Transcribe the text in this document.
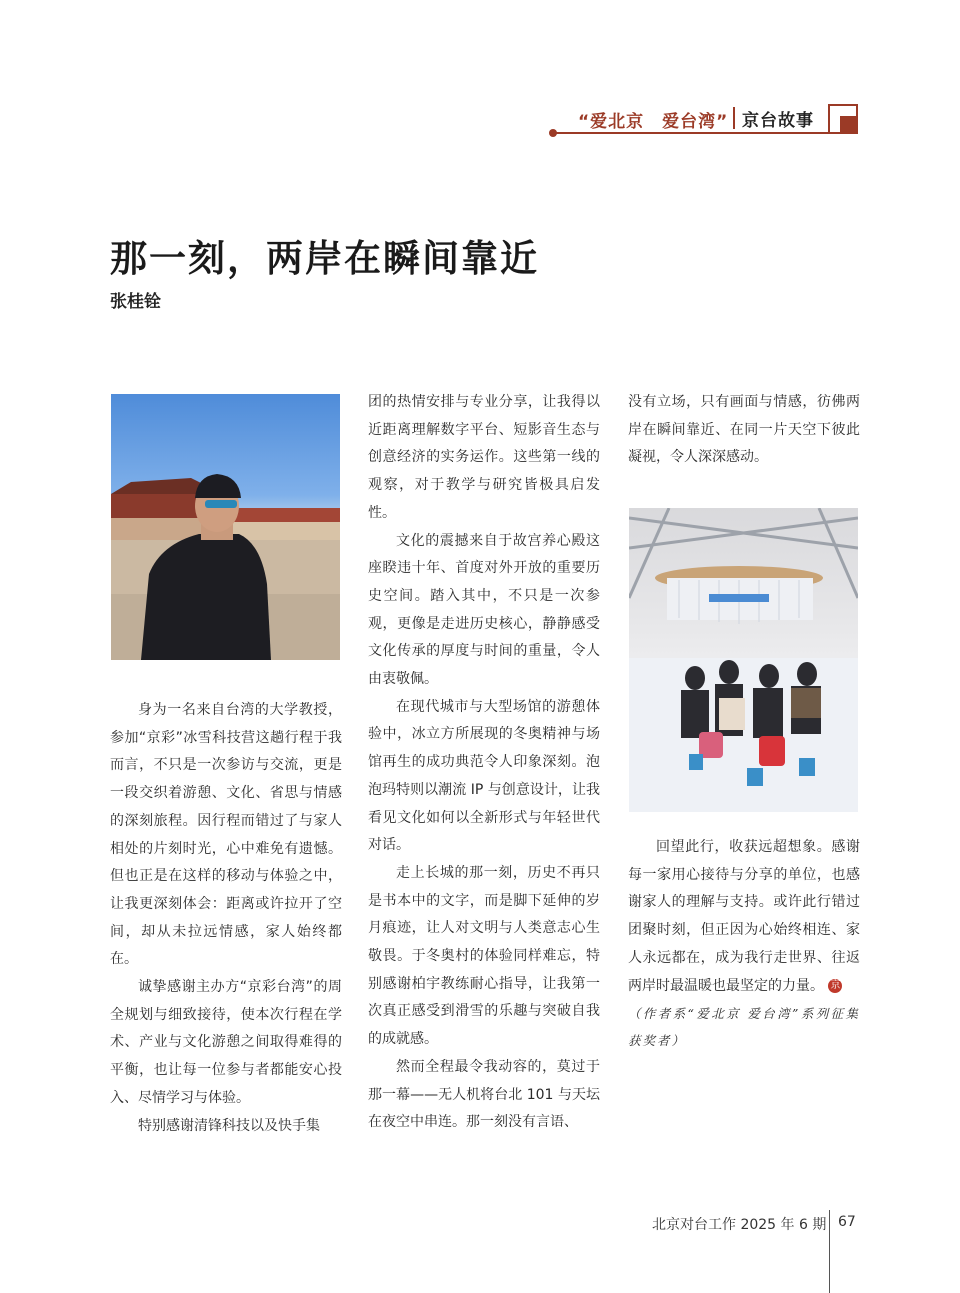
“爱北京　爱台湾” 京台故事
那一刻，两岸在瞬间靠近
张桂铨

身为一名来自台湾的大学教授，参加“京彩”冰雪科技营这趟行程于我而言，不只是一次参访与交流，更是一段交织着游憩、文化、省思与情感的深刻旅程。因行程而错过了与家人相处的片刻时光，心中难免有遗憾。但也正是在这样的移动与体验之中，让我更深刻体会：距离或许拉开了空间，却从未拉远情感，家人始终都在。

诚挚感谢主办方“京彩台湾”的周全规划与细致接待，使本次行程在学术、产业与文化游憩之间取得难得的平衡，也让每一位参与者都能安心投入、尽情学习与体验。

特别感谢清锋科技以及快手集

团的热情安排与专业分享，让我得以近距离理解数字平台、短影音生态与创意经济的实务运作。这些第一线的观察，对于教学与研究皆极具启发性。

文化的震撼来自于故宫养心殿这座睽违十年、首度对外开放的重要历史空间。踏入其中，不只是一次参观，更像是走进历史核心，静静感受文化传承的厚度与时间的重量，令人由衷敬佩。

在现代城市与大型场馆的游憩体验中，冰立方所展现的冬奥精神与场馆再生的成功典范令人印象深刻。泡泡玛特则以潮流 IP 与创意设计，让我看见文化如何以全新形式与年轻世代对话。

走上长城的那一刻，历史不再只是书本中的文字，而是脚下延伸的岁月痕迹，让人对文明与人类意志心生敬畏。于冬奥村的体验同样难忘，特别感谢柏宇教练耐心指导，让我第一次真正感受到滑雪的乐趣与突破自我的成就感。

然而全程最令我动容的，莫过于那一幕——无人机将台北 101 与天坛在夜空中串连。那一刻没有言语、

没有立场，只有画面与情感，彷佛两岸在瞬间靠近、在同一片天空下彼此凝视，令人深深感动。

回望此行，收获远超想象。感谢每一家用心接待与分享的单位，也感谢家人的理解与支持。或许此行错过团聚时刻，但正因为心始终相连、家人永远都在，成为我行走世界、往返两岸时最温暖也最坚定的力量。 京

（作者系“爱北京 爱台湾”系列征集获奖者）

北京对台工作 2025 年 6 期 67
